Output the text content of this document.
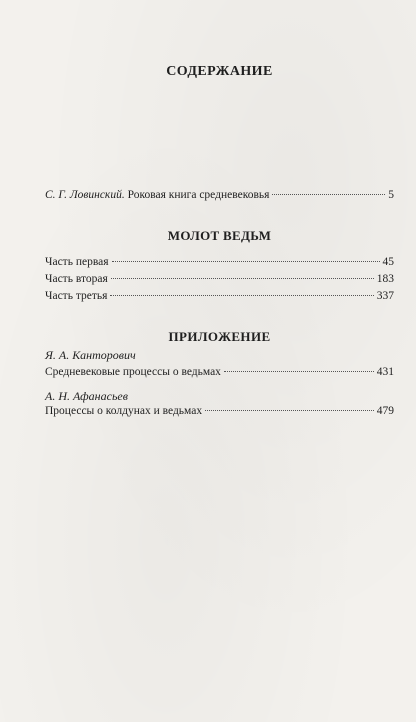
СОДЕРЖАНИЕ
С. Г. Ловинский. Роковая книга средневековья	5
МОЛОТ ВЕДЬМ
Часть первая	45
Часть вторая	183
Часть третья	337
ПРИЛОЖЕНИЕ
Я. А. Канторович
Средневековые процессы о ведьмах	431
А. Н. Афанасьев
Процессы о колдунах и ведьмах	479
